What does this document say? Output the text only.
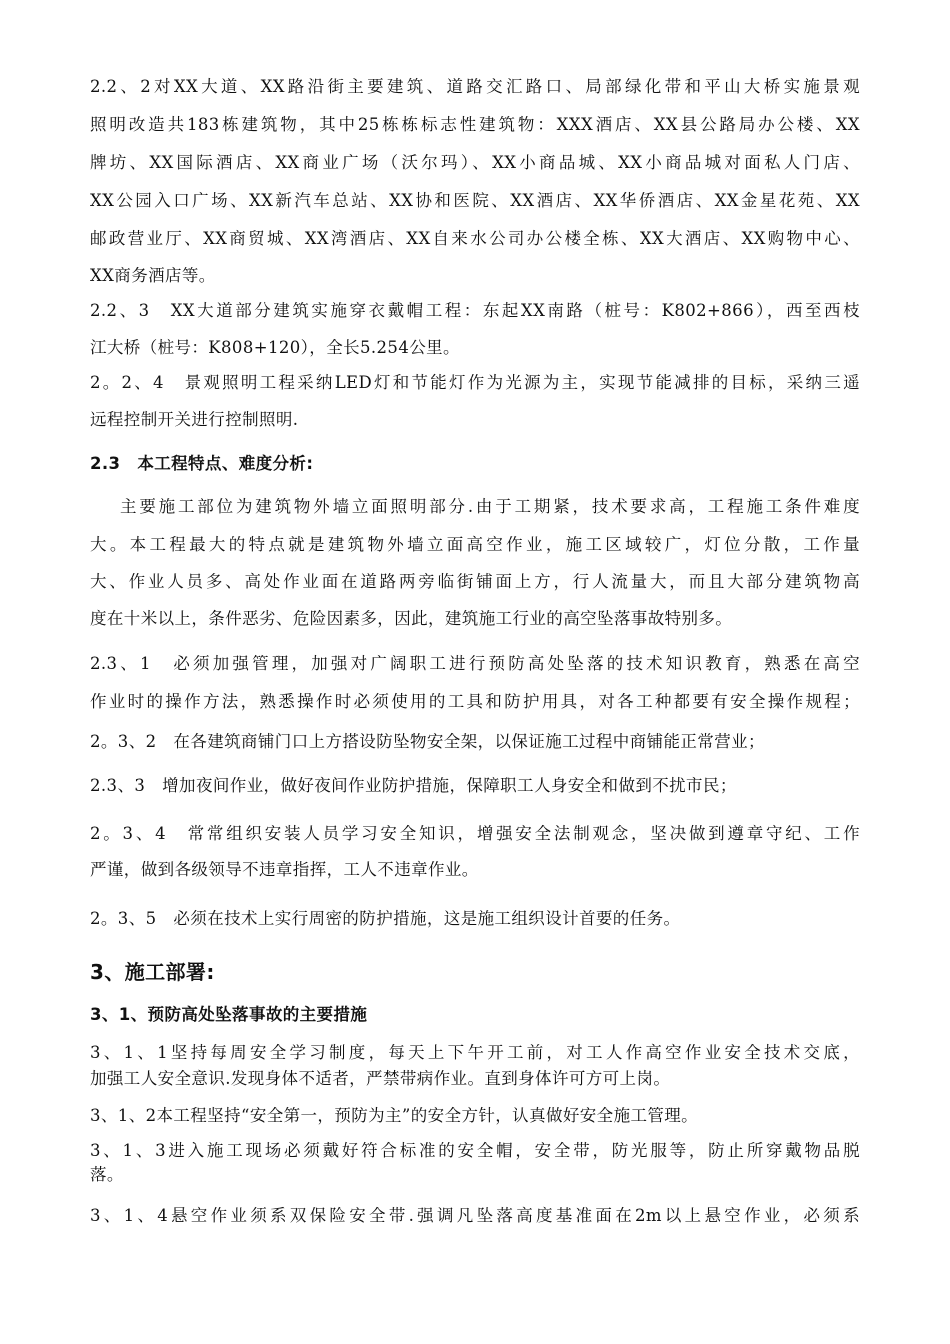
2.2、2对XX大道、XX路沿街主要建筑、道路交汇路口、局部绿化带和平山大桥实施景观
照明改造共183栋建筑物，其中25栋栋标志性建筑物：XXX酒店、XX县公路局办公楼、XX
牌坊、XX国际酒店、XX商业广场（沃尔玛）、XX小商品城、XX小商品城对面私人门店、
XX公园入口广场、XX新汽车总站、XX协和医院、XX酒店、XX华侨酒店、XX金星花苑、XX
邮政营业厅、XX商贸城、XX湾酒店、XX自来水公司办公楼全栋、XX大酒店、XX购物中心、
XX商务酒店等。
2.2、3　XX大道部分建筑实施穿衣戴帽工程：东起XX南路（桩号：K802+866），西至西枝
江大桥（桩号：K808+120），全长5.254公里。
2。2、4　景观照明工程采纳LED灯和节能灯作为光源为主，实现节能减排的目标，采纳三遥
远程控制开关进行控制照明.
2.3　本工程特点、难度分析:
主要施工部位为建筑物外墙立面照明部分.由于工期紧，技术要求高，工程施工条件难度
大。本工程最大的特点就是建筑物外墙立面高空作业，施工区域较广，灯位分散，工作量
大、作业人员多、高处作业面在道路两旁临街铺面上方，行人流量大，而且大部分建筑物高
度在十米以上，条件恶劣、危险因素多，因此，建筑施工行业的高空坠落事故特别多。
2.3、1　必须加强管理，加强对广阔职工进行预防高处坠落的技术知识教育，熟悉在高空
作业时的操作方法，熟悉操作时必须使用的工具和防护用具，对各工种都要有安全操作规程；
2。3、2　在各建筑商铺门口上方搭设防坠物安全架，以保证施工过程中商铺能正常营业；
2.3、3　增加夜间作业，做好夜间作业防护措施，保障职工人身安全和做到不扰市民；
2。3、4　常常组织安装人员学习安全知识，增强安全法制观念，坚决做到遵章守纪、工作
严谨，做到各级领导不违章指挥，工人不违章作业。
2。3、5　必须在技术上实行周密的防护措施，这是施工组织设计首要的任务。
3、施工部署:
3、1、预防高处坠落事故的主要措施
3、1、1坚持每周安全学习制度，每天上下午开工前，对工人作高空作业安全技术交底，
加强工人安全意识.发现身体不适者，严禁带病作业。直到身体许可方可上岗。
3、1、2本工程坚持“安全第一，预防为主”的安全方针，认真做好安全施工管理。
3、1、3进入施工现场必须戴好符合标准的安全帽，安全带，防光服等，防止所穿戴物品脱
落。
3、1、4悬空作业须系双保险安全带.强调凡坠落高度基准面在2m以上悬空作业，必须系
